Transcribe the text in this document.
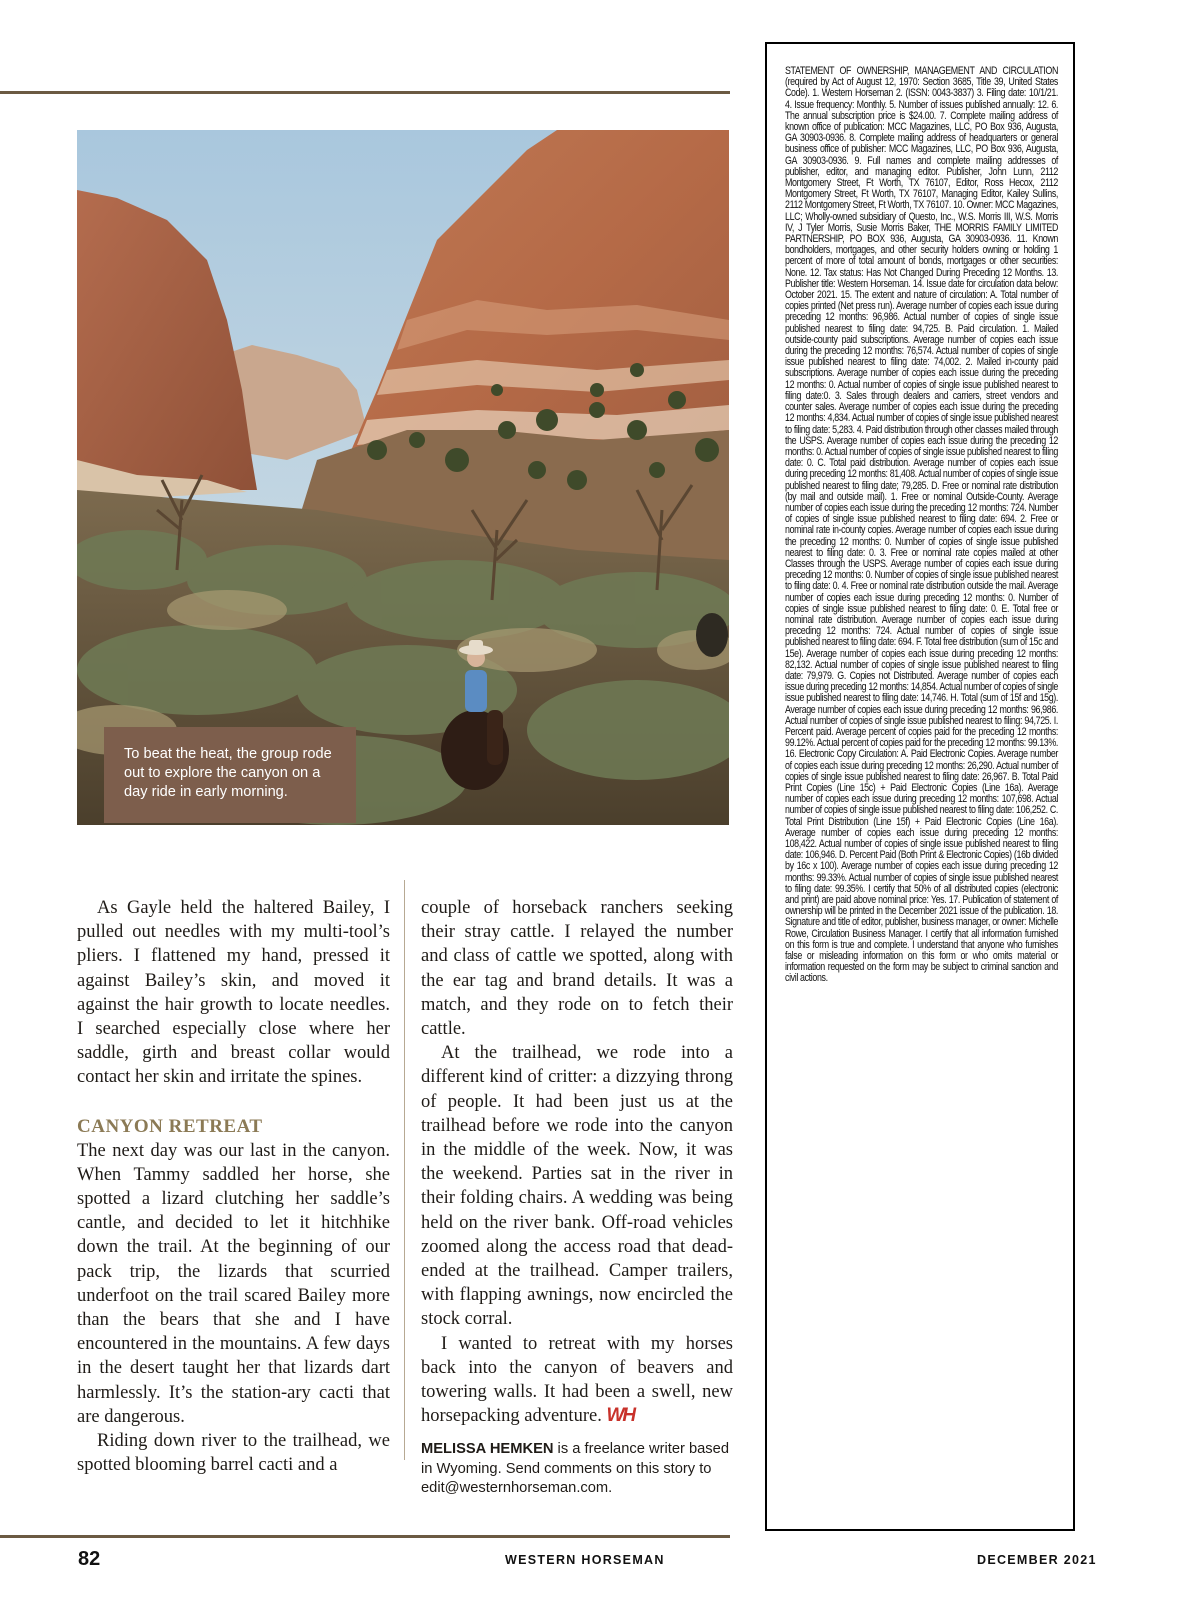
To beat the heat, the group rode out to explore the canyon on a day ride in early morning.

As Gayle held the haltered Bailey, I pulled out needles with my multi-tool’s pliers. I flattened my hand, pressed it against Bailey’s skin, and moved it against the hair growth to locate needles. I searched especially close where her saddle, girth and breast collar would contact her skin and irritate the spines.

CANYON RETREAT

The next day was our last in the canyon. When Tammy saddled her horse, she spotted a lizard clutching her saddle’s cantle, and decided to let it hitchhike down the trail. At the beginning of our pack trip, the lizards that scurried underfoot on the trail scared Bailey more than the bears that she and I have encountered in the mountains. A few days in the desert taught her that lizards dart harmlessly. It’s the station-ary cacti that are dangerous.

Riding down river to the trailhead, we spotted blooming barrel cacti and a

couple of horseback ranchers seeking their stray cattle. I relayed the number and class of cattle we spotted, along with the ear tag and brand details. It was a match, and they rode on to fetch their cattle.

At the trailhead, we rode into a different kind of critter: a dizzying throng of people. It had been just us at the trailhead before we rode into the canyon in the middle of the week. Now, it was the weekend. Parties sat in the river in their folding chairs. A wedding was being held on the river bank. Off-road vehicles zoomed along the access road that dead-ended at the trailhead. Camper trailers, with flapping awnings, now encircled the stock corral.

I wanted to retreat with my horses back into the canyon of beavers and towering walls. It had been a swell, new horsepacking adventure. WH

MELISSA HEMKEN is a freelance writer based in Wyoming. Send comments on this story to edit@westernhorseman.com.

STATEMENT OF OWNERSHIP, MANAGEMENT AND CIRCULATION (required by Act of August 12, 1970: Section 3685, Title 39, United States Code). 1. Western Horseman 2. (ISSN: 0043-3837) 3. Filing date: 10/1/21. 4. Issue frequency: Monthly. 5. Number of issues published annually: 12. 6. The annual subscription price is $24.00. 7. Complete mailing address of known office of publication: MCC Magazines, LLC, PO Box 936, Augusta, GA 30903-0936. 8. Complete mailing address of headquarters or general business office of publisher: MCC Magazines, LLC, PO Box 936, Augusta, GA 30903-0936. 9. Full names and complete mailing addresses of publisher, editor, and managing editor. Publisher, John Lunn, 2112 Montgomery Street, Ft Worth, TX 76107, Editor, Ross Hecox, 2112 Montgomery Street, Ft Worth, TX 76107, Managing Editor, Kailey Sullins, 2112 Montgomery Street, Ft Worth, TX 76107. 10. Owner: MCC Magazines, LLC; Wholly-owned subsidiary of Questo, Inc., W.S. Morris III, W.S. Morris IV, J Tyler Morris, Susie Morris Baker, THE MORRIS FAMILY LIMITED PARTNERSHIP, PO BOX 936, Augusta, GA 30903-0936. 11. Known bondholders, mortgages, and other security holders owning or holding 1 percent of more of total amount of bonds, mortgages or other securities: None. 12. Tax status: Has Not Changed During Preceding 12 Months. 13. Publisher title: Western Horseman. 14. Issue date for circulation data below: October 2021. 15. The extent and nature of circulation: A. Total number of copies printed (Net press run). Average number of copies each issue during preceding 12 months: 96,986. Actual number of copies of single issue published nearest to filing date: 94,725. B. Paid circulation. 1. Mailed outside-county paid subscriptions. Average number of copies each issue during the preceding 12 months: 76,574. Actual number of copies of single issue published nearest to filing date: 74,002. 2. Mailed in-county paid subscriptions. Average number of copies each issue during the preceding 12 months: 0. Actual number of copies of single issue published nearest to filing date:0. 3. Sales through dealers and carriers, street vendors and counter sales. Average number of copies each issue during the preceding 12 months: 4,834. Actual number of copies of single issue published nearest to filing date: 5,283. 4. Paid distribution through other classes mailed through the USPS. Average number of copies each issue during the preceding 12 months: 0. Actual number of copies of single issue published nearest to filing date: 0. C. Total paid distribution. Average number of copies each issue during preceding 12 months: 81,408. Actual number of copies of single issue published nearest to filing date; 79,285. D. Free or nominal rate distribution (by mail and outside mail). 1. Free or nominal Outside-County. Average number of copies each issue during the preceding 12 months: 724. Number of copies of single issue published nearest to filing date: 694. 2. Free or nominal rate in-county copies. Average number of copies each issue during the preceding 12 months: 0. Number of copies of single issue published nearest to filing date: 0. 3. Free or nominal rate copies mailed at other Classes through the USPS. Average number of copies each issue during preceding 12 months: 0. Number of copies of single issue published nearest to filing date: 0. 4. Free or nominal rate distribution outside the mail. Average number of copies each issue during preceding 12 months: 0. Number of copies of single issue published nearest to filing date: 0. E. Total free or nominal rate distribution. Average number of copies each issue during preceding 12 months: 724. Actual number of copies of single issue published nearest to filing date: 694. F. Total free distribution (sum of 15c and 15e). Average number of copies each issue during preceding 12 months: 82,132. Actual number of copies of single issue published nearest to filing date: 79,979. G. Copies not Distributed. Average number of copies each issue during preceding 12 months: 14,854. Actual number of copies of single issue published nearest to filing date: 14,746. H. Total (sum of 15f and 15g). Average number of copies each issue during preceding 12 months: 96,986. Actual number of copies of single issue published nearest to filing: 94,725. I. Percent paid. Average percent of copies paid for the preceding 12 months: 99.12%. Actual percent of copies paid for the preceding 12 months: 99.13%. 16. Electronic Copy Circulation: A. Paid Electronic Copies. Average number of copies each issue during preceding 12 months: 26,290. Actual number of copies of single issue published nearest to filing date: 26,967. B. Total Paid Print Copies (Line 15c) + Paid Electronic Copies (Line 16a). Average number of copies each issue during preceding 12 months: 107,698. Actual number of copies of single issue published nearest to filing date: 106,252. C. Total Print Distribution (Line 15f) + Paid Electronic Copies (Line 16a). Average number of copies each issue during preceding 12 months: 108,422. Actual number of copies of single issue published nearest to filing date: 106,946. D. Percent Paid (Both Print & Electronic Copies) (16b divided by 16c x 100). Average number of copies each issue during preceding 12 months: 99.33%. Actual number of copies of single issue published nearest to filing date: 99.35%. I certify that 50% of all distributed copies (electronic and print) are paid above nominal price: Yes. 17. Publication of statement of ownership will be printed in the December 2021 issue of the publication. 18. Signature and title of editor, publisher, business manager, or owner: Michelle Rowe, Circulation Business Manager. I certify that all information furnished on this form is true and complete. I understand that anyone who furnishes false or misleading information on this form or who omits material or information requested on the form may be subject to criminal sanction and civil actions.

82	WESTERN HORSEMAN	DECEMBER 2021
